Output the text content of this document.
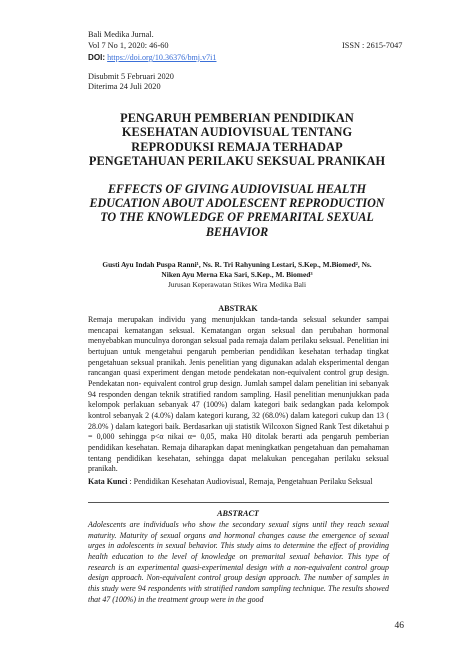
Bali Medika Jurnal.
Vol 7 No 1, 2020: 46-60	ISSN : 2615-7047
DOI: https://doi.org/10.36376/bmj.v7i1
Disubmit 5 Februari 2020
Diterima 24 Juli 2020
PENGARUH PEMBERIAN PENDIDIKAN
KESEHATAN AUDIOVISUAL TENTANG
REPRODUKSI REMAJA TERHADAP
PENGETAHUAN PERILAKU SEKSUAL PRANIKAH
EFFECTS OF GIVING AUDIOVISUAL HEALTH
EDUCATION ABOUT ADOLESCENT REPRODUCTION
TO THE KNOWLEDGE OF PREMARITAL SEXUAL
BEHAVIOR
Gusti Ayu Indah Puspa Ranni¹, Ns. R. Tri Rahyuning Lestari, S.Kep., M.Biomed², Ns.
Niken Ayu Merna Eka Sari, S.Kep., M. Biomed³
Jurusan Keperawatan Stikes Wira Medika Bali
ABSTRAK
Remaja merupakan individu yang menunjukkan tanda-tanda seksual sekunder sampai mencapai kematangan seksual. Kematangan organ seksual dan perubahan hormonal menyebabkan munculnya dorongan seksual pada remaja dalam perilaku seksual. Penelitian ini bertujuan untuk mengetahui pengaruh pemberian pendidikan kesehatan terhadap tingkat pengetahuan seksual pranikah. Jenis penelitian yang digunakan adalah eksperimental dengan rancangan quasi experiment dengan metode pendekatan non-equivalent control grup design. Pendekatan non- equivalent control grup design. Jumlah sampel dalam penelitian ini sebanyak 94 responden dengan teknik stratified random sampling. Hasil penelitian menunjukkan pada kelompok perlakuan sebanyak 47 (100%) dalam kategori baik sedangkan pada kelompok kontrol sebanyak 2 (4.0%) dalam kategori kurang, 32 (68.0%) dalam kategori cukup dan 13 ( 28.0% ) dalam kategori baik. Berdasarkan uji statistik Wilcoxon Signed Rank Test diketahui p = 0,000 sehingga p<α nikai α= 0,05, maka H0 ditolak berarti ada pengaruh pemberian pendidikan kesehatan. Remaja diharapkan dapat meningkatkan pengetahuan dan pemahaman tentang pendidikan kesehatan, sehingga dapat melakukan pencegahan perilaku seksual pranikah.
Kata Kunci : Pendidikan Kesehatan Audiovisual, Remaja, Pengetahuan Perilaku Seksual
ABSTRACT
Adolescents are individuals who show the secondary sexual signs until they reach sexual maturity. Maturity of sexual organs and hormonal changes cause the emergence of sexual urges in adolescents in sexual behavior. This study aims to determine the effect of providing health education to the level of knowledge on premarital sexual behavior. This type of research is an experimental quasi-experimental design with a non-equivalent control group design approach. Non-equivalent control group design approach. The number of samples in this study were 94 respondents with stratified random sampling technique. The results showed that 47 (100%) in the treatment group were in the good
46
